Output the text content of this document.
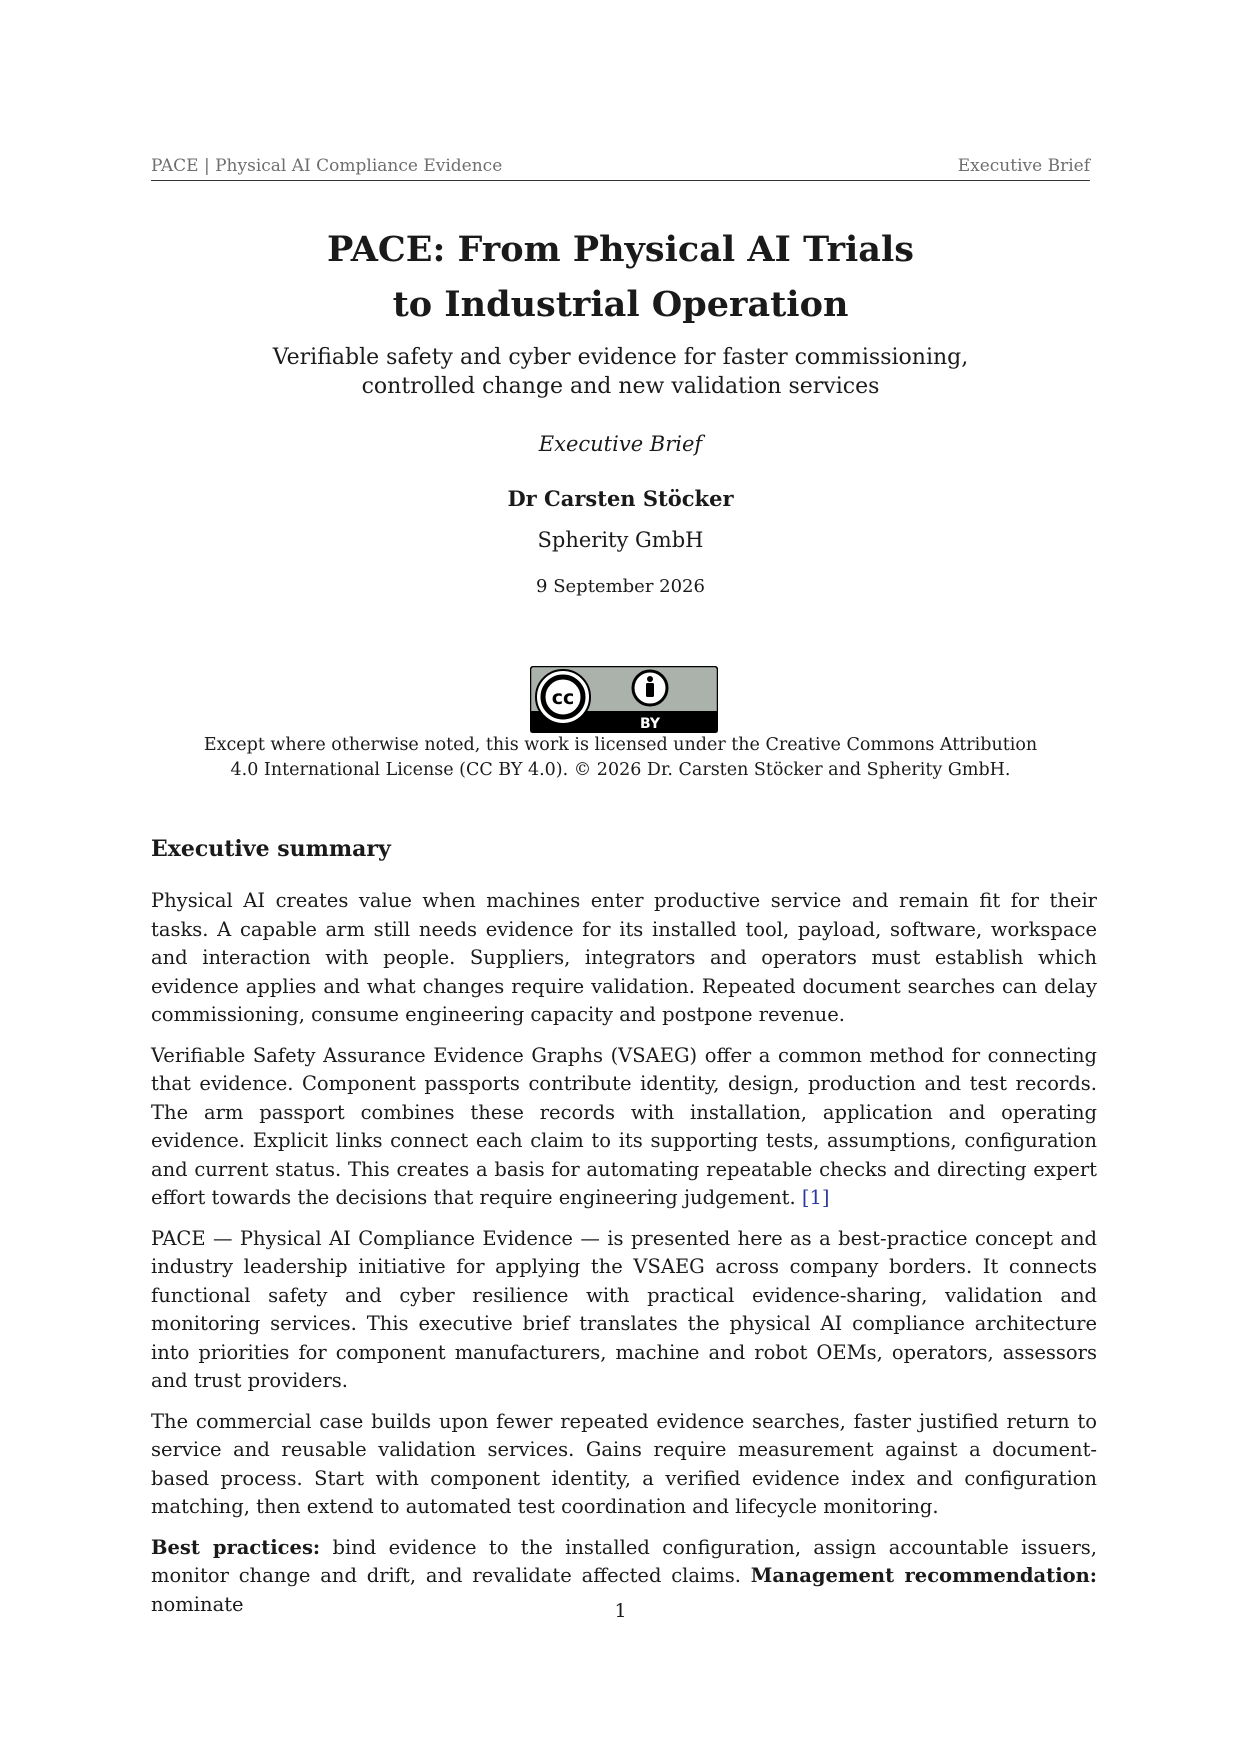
PACE | Physical AI Compliance Evidence	Executive Brief
PACE: From Physical AI Trials
to Industrial Operation
Verifiable safety and cyber evidence for faster commissioning,
controlled change and new validation services
Executive Brief
Dr Carsten Stöcker
Spherity GmbH
9 September 2026
cc
BY
Except where otherwise noted, this work is licensed under the Creative Commons Attribution 4.0 International License (CC BY 4.0). © 2026 Dr. Carsten Stöcker and Spherity GmbH.
Executive summary

Physical AI creates value when machines enter productive service and remain fit for their tasks. A capable arm still needs evidence for its installed tool, payload, software, workspace and interaction with people. Suppliers, integrators and operators must establish which evidence applies and what changes require validation. Repeated document searches can delay commissioning, consume engineering capacity and postpone revenue.

Verifiable Safety Assurance Evidence Graphs (VSAEG) offer a common method for connecting that evidence. Component passports contribute identity, design, production and test records. The arm passport combines these records with installation, application and operating evidence. Explicit links connect each claim to its supporting tests, assumptions, configuration and current status. This creates a basis for automating repeatable checks and directing expert effort towards the decisions that require engineering judgement. [1]

PACE — Physical AI Compliance Evidence — is presented here as a best-practice concept and industry leadership initiative for applying the VSAEG across company borders. It connects functional safety and cyber resilience with practical evidence-sharing, validation and monitoring services. This executive brief translates the physical AI compliance architecture into priorities for component manufacturers, machine and robot OEMs, operators, assessors and trust providers.

The commercial case builds upon fewer repeated evidence searches, faster justified return to service and reusable validation services. Gains require measurement against a document-based process. Start with component identity, a verified evidence index and configuration matching, then extend to automated test coordination and lifecycle monitoring.

Best practices: bind evidence to the installed configuration, assign accountable issuers, monitor change and drift, and revalidate affected claims. Management recommendation: nominate	1
